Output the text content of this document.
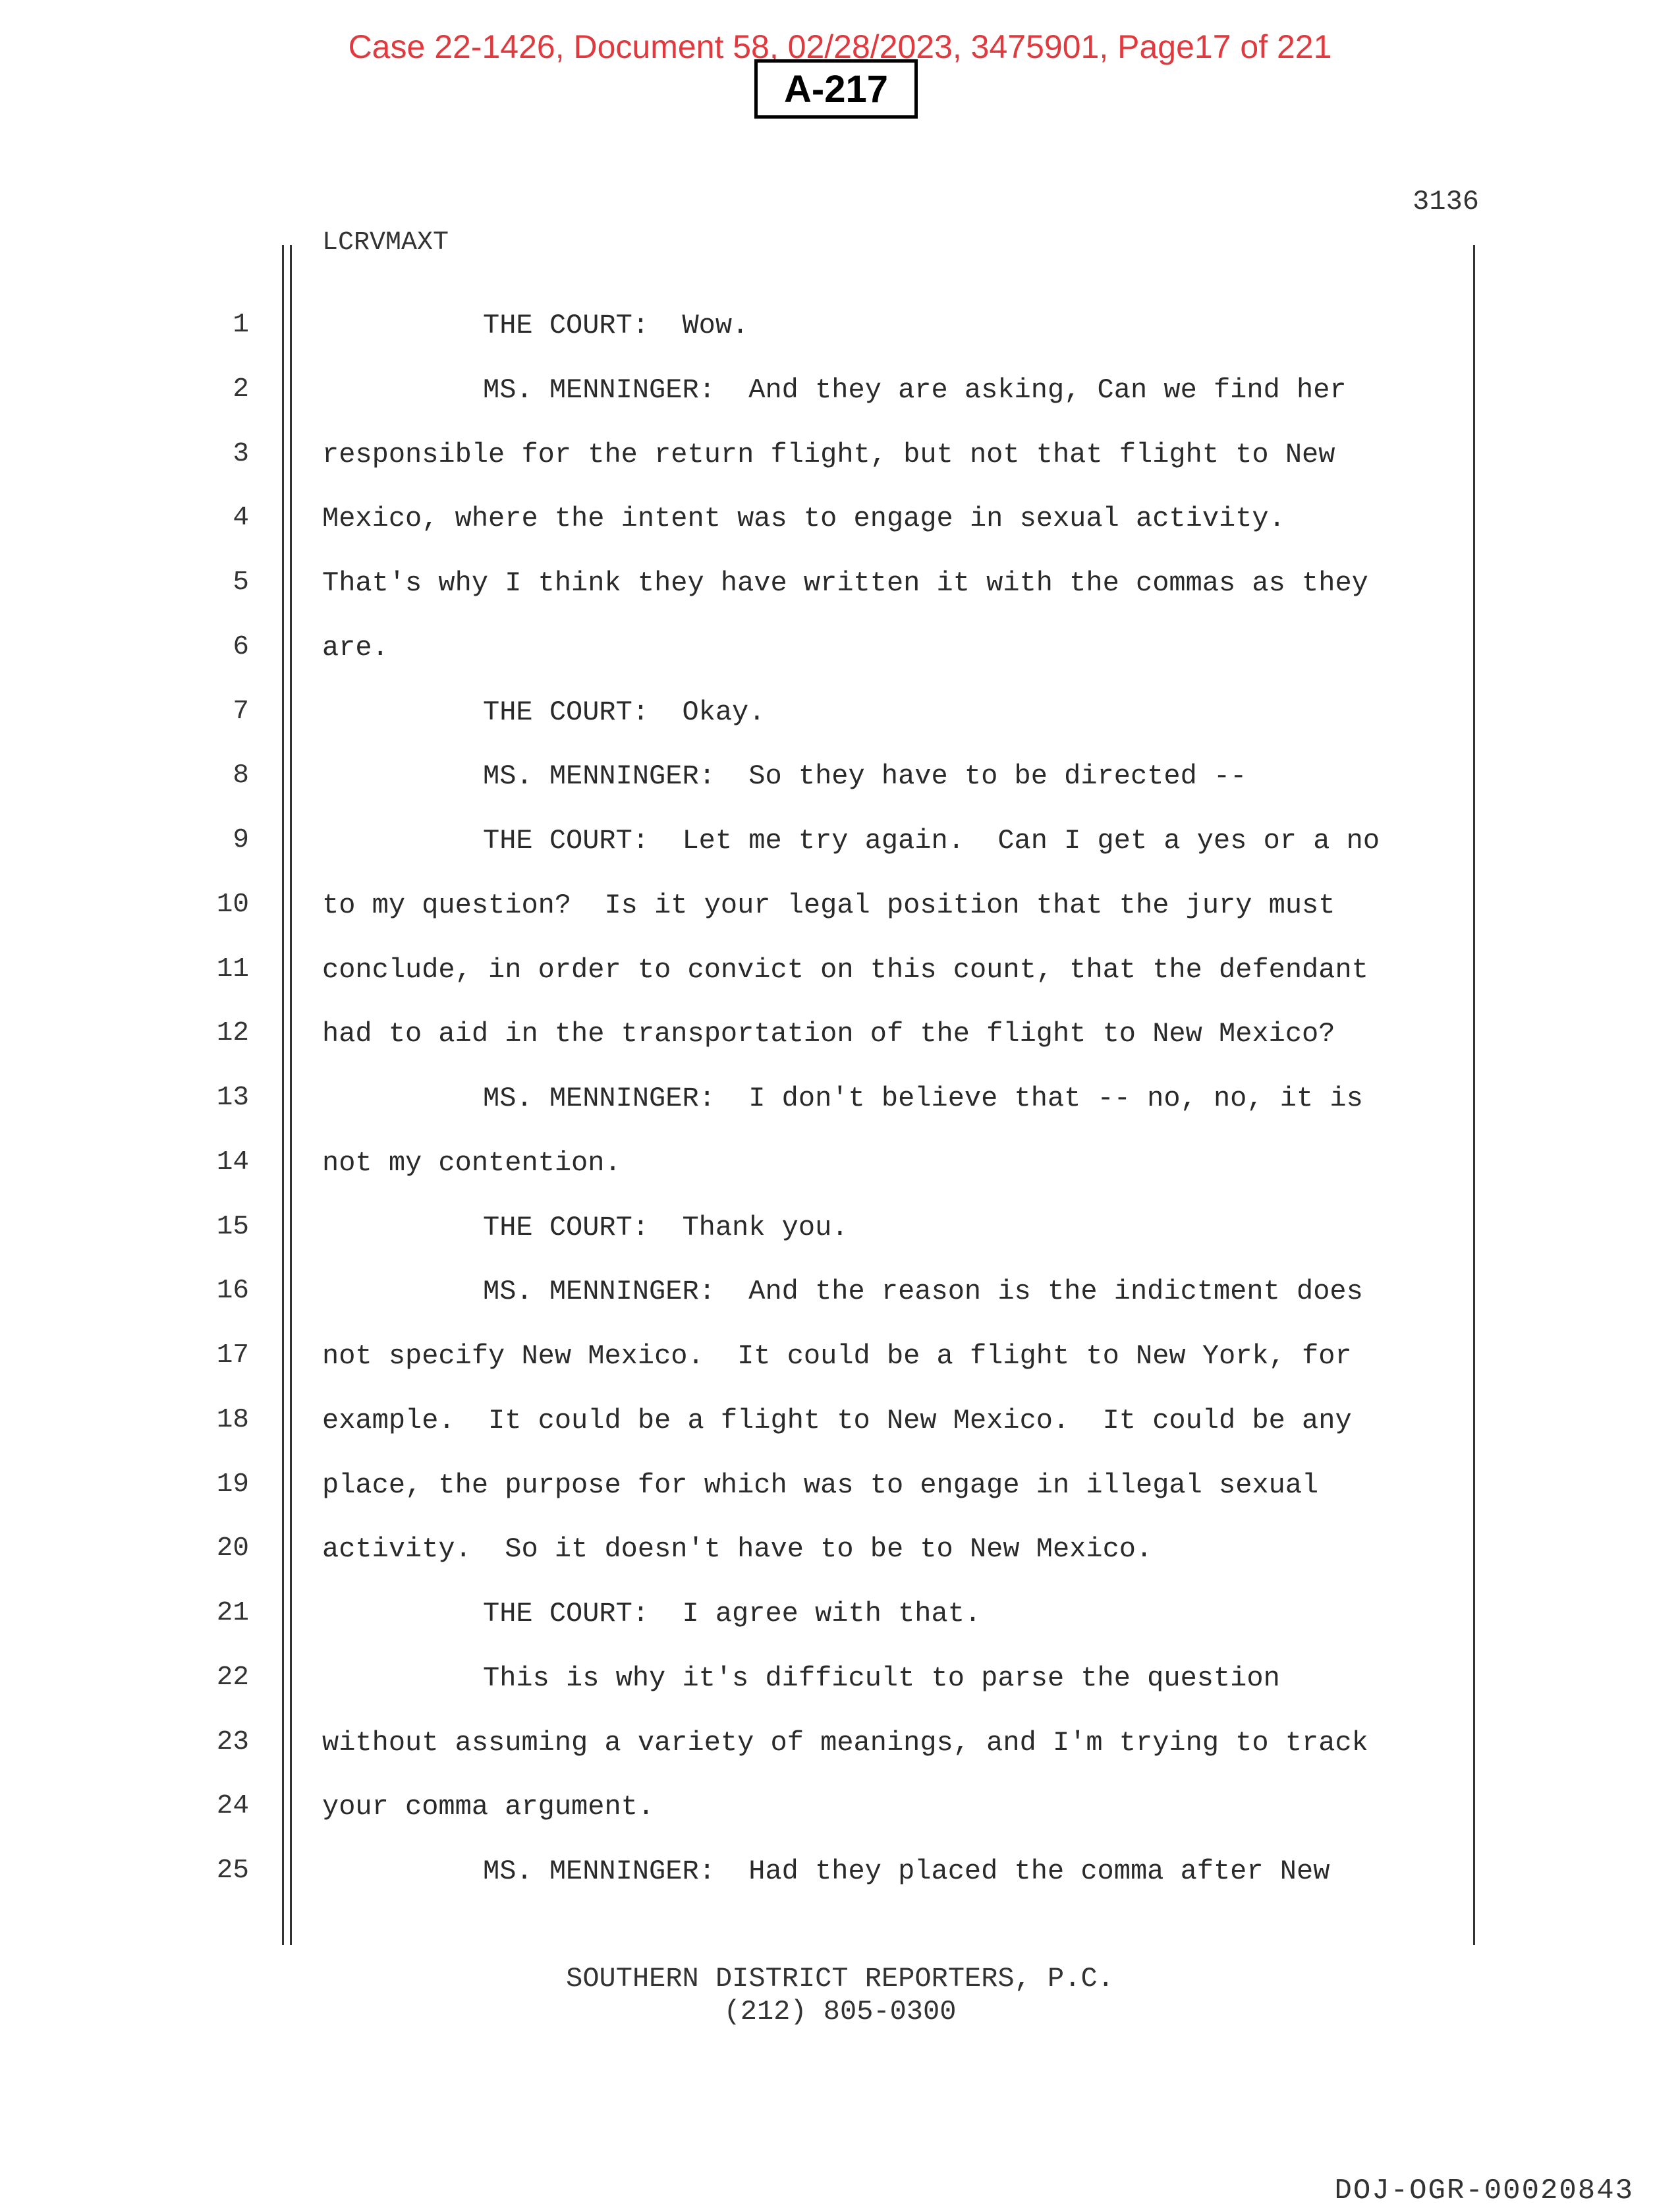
Case 22-1426, Document 58, 02/28/2023, 3475901, Page17 of 221
A-217
3136
LCRVMAXT
1	THE COURT:  Wow.
2	MS. MENNINGER:  And they are asking, Can we find her
3	responsible for the return flight, but not that flight to New
4	Mexico, where the intent was to engage in sexual activity.
5	That's why I think they have written it with the commas as they
6	are.
7	THE COURT:  Okay.
8	MS. MENNINGER:  So they have to be directed --
9	THE COURT:  Let me try again.  Can I get a yes or a no
10	to my question?  Is it your legal position that the jury must
11	conclude, in order to convict on this count, that the defendant
12	had to aid in the transportation of the flight to New Mexico?
13	MS. MENNINGER:  I don't believe that -- no, no, it is
14	not my contention.
15	THE COURT:  Thank you.
16	MS. MENNINGER:  And the reason is the indictment does
17	not specify New Mexico.  It could be a flight to New York, for
18	example.  It could be a flight to New Mexico.  It could be any
19	place, the purpose for which was to engage in illegal sexual
20	activity.  So it doesn't have to be to New Mexico.
21	THE COURT:  I agree with that.
22	This is why it's difficult to parse the question
23	without assuming a variety of meanings, and I'm trying to track
24	your comma argument.
25	MS. MENNINGER:  Had they placed the comma after New
SOUTHERN DISTRICT REPORTERS, P.C.
(212) 805-0300
DOJ-OGR-00020843
